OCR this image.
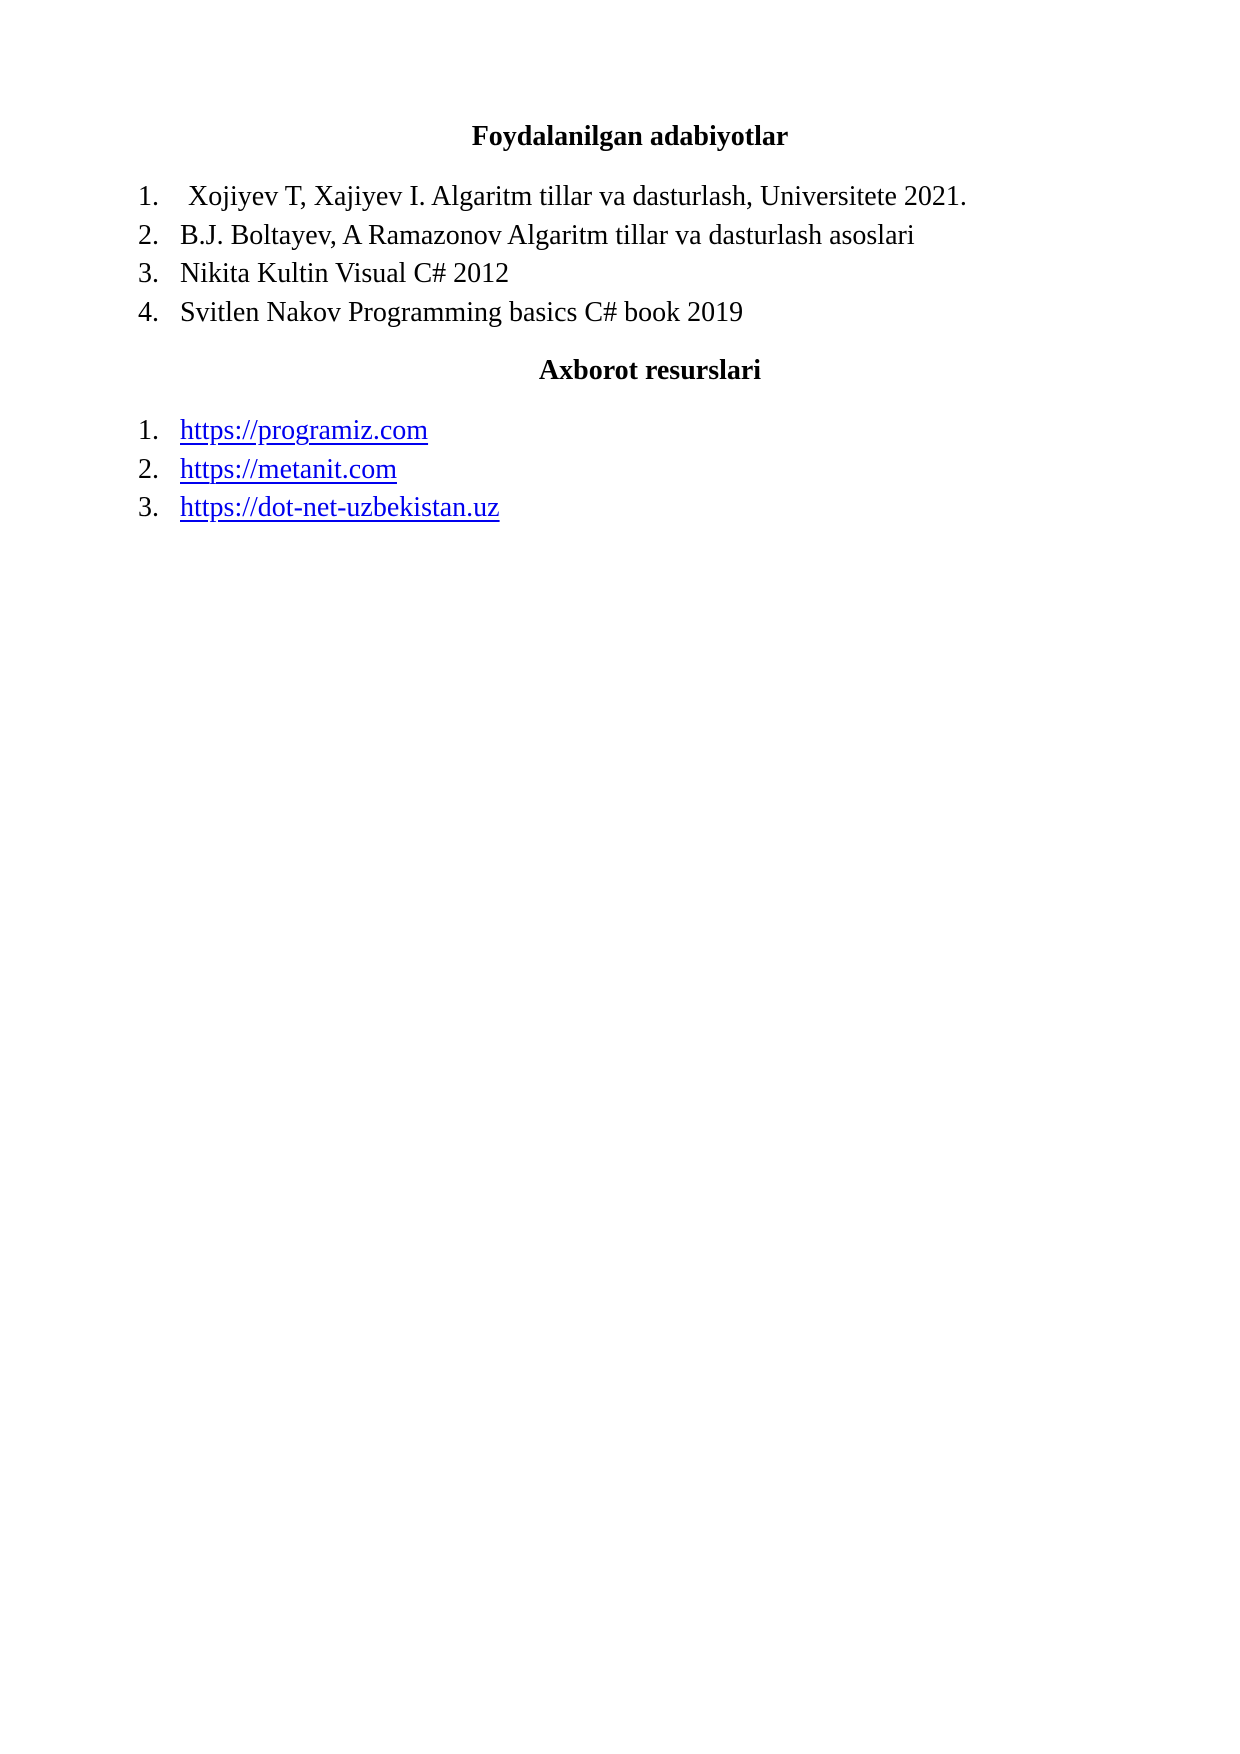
Foydalanilgan adabiyotlar
1. Xojiyev T, Xajiyev I. Algaritm tillar va dasturlash, Universitete 2021.
2. B.J. Boltayev, A Ramazonov Algaritm tillar va dasturlash asoslari
3. Nikita Kultin Visual C# 2012
4. Svitlen Nakov Programming basics C# book 2019
Axborot resurslari
1. https://programiz.com
2. https://metanit.com
3. https://dot-net-uzbekistan.uz
